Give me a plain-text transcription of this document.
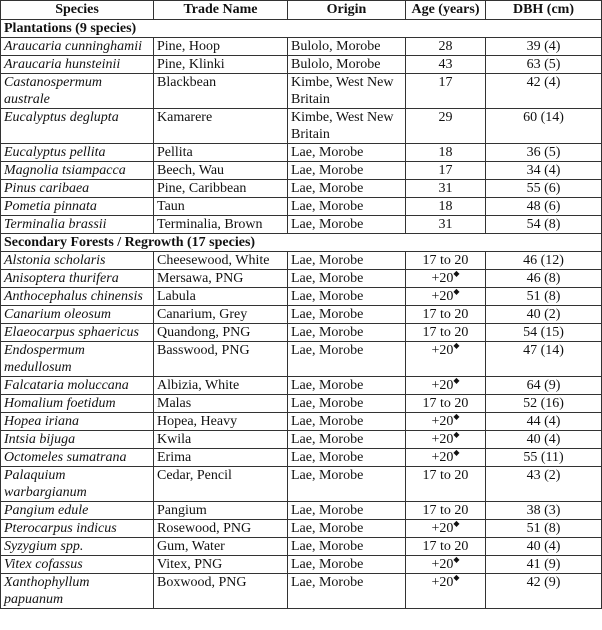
Species	Trade Name	Origin	Age (years)	DBH (cm)
Plantations (9 species)				
Araucaria cunninghamii	Pine, Hoop	Bulolo, Morobe	28	39 (4)
Araucaria hunsteinii	Pine, Klinki	Bulolo, Morobe	43	63 (5)
Castanospermum australe	Blackbean	Kimbe, West New Britain	17	42 (4)
Eucalyptus deglupta	Kamarere	Kimbe, West New Britain	29	60 (14)
Eucalyptus pellita	Pellita	Lae, Morobe	18	36 (5)
Magnolia tsiampacca	Beech, Wau	Lae, Morobe	17	34 (4)
Pinus caribaea	Pine, Caribbean	Lae, Morobe	31	55 (6)
Pometia pinnata	Taun	Lae, Morobe	18	48 (6)
Terminalia brassii	Terminalia, Brown	Lae, Morobe	31	54 (8)
Secondary Forests / Regrowth (17 species)				
Alstonia scholaris	Cheesewood, White	Lae, Morobe	17 to 20	46 (12)
Anisoptera thurifera	Mersawa, PNG	Lae, Morobe	+20◆	46 (8)
Anthocephalus chinensis	Labula	Lae, Morobe	+20◆	51 (8)
Canarium oleosum	Canarium, Grey	Lae, Morobe	17 to 20	40 (2)
Elaeocarpus sphaericus	Quandong, PNG	Lae, Morobe	17 to 20	54 (15)
Endospermum medullosum	Basswood, PNG	Lae, Morobe	+20◆	47 (14)
Falcataria moluccana	Albizia, White	Lae, Morobe	+20◆	64 (9)
Homalium foetidum	Malas	Lae, Morobe	17 to 20	52 (16)
Hopea iriana	Hopea, Heavy	Lae, Morobe	+20◆	44 (4)
Intsia bijuga	Kwila	Lae, Morobe	+20◆	40 (4)
Octomeles sumatrana	Erima	Lae, Morobe	+20◆	55 (11)
Palaquium warbargianum	Cedar, Pencil	Lae, Morobe	17 to 20	43 (2)
Pangium edule	Pangium	Lae, Morobe	17 to 20	38 (3)
Pterocarpus indicus	Rosewood, PNG	Lae, Morobe	+20◆	51 (8)
Syzygium spp.	Gum, Water	Lae, Morobe	17 to 20	40 (4)
Vitex cofassus	Vitex, PNG	Lae, Morobe	+20◆	41 (9)
Xanthophyllum papuanum	Boxwood, PNG	Lae, Morobe	+20◆	42 (9)
